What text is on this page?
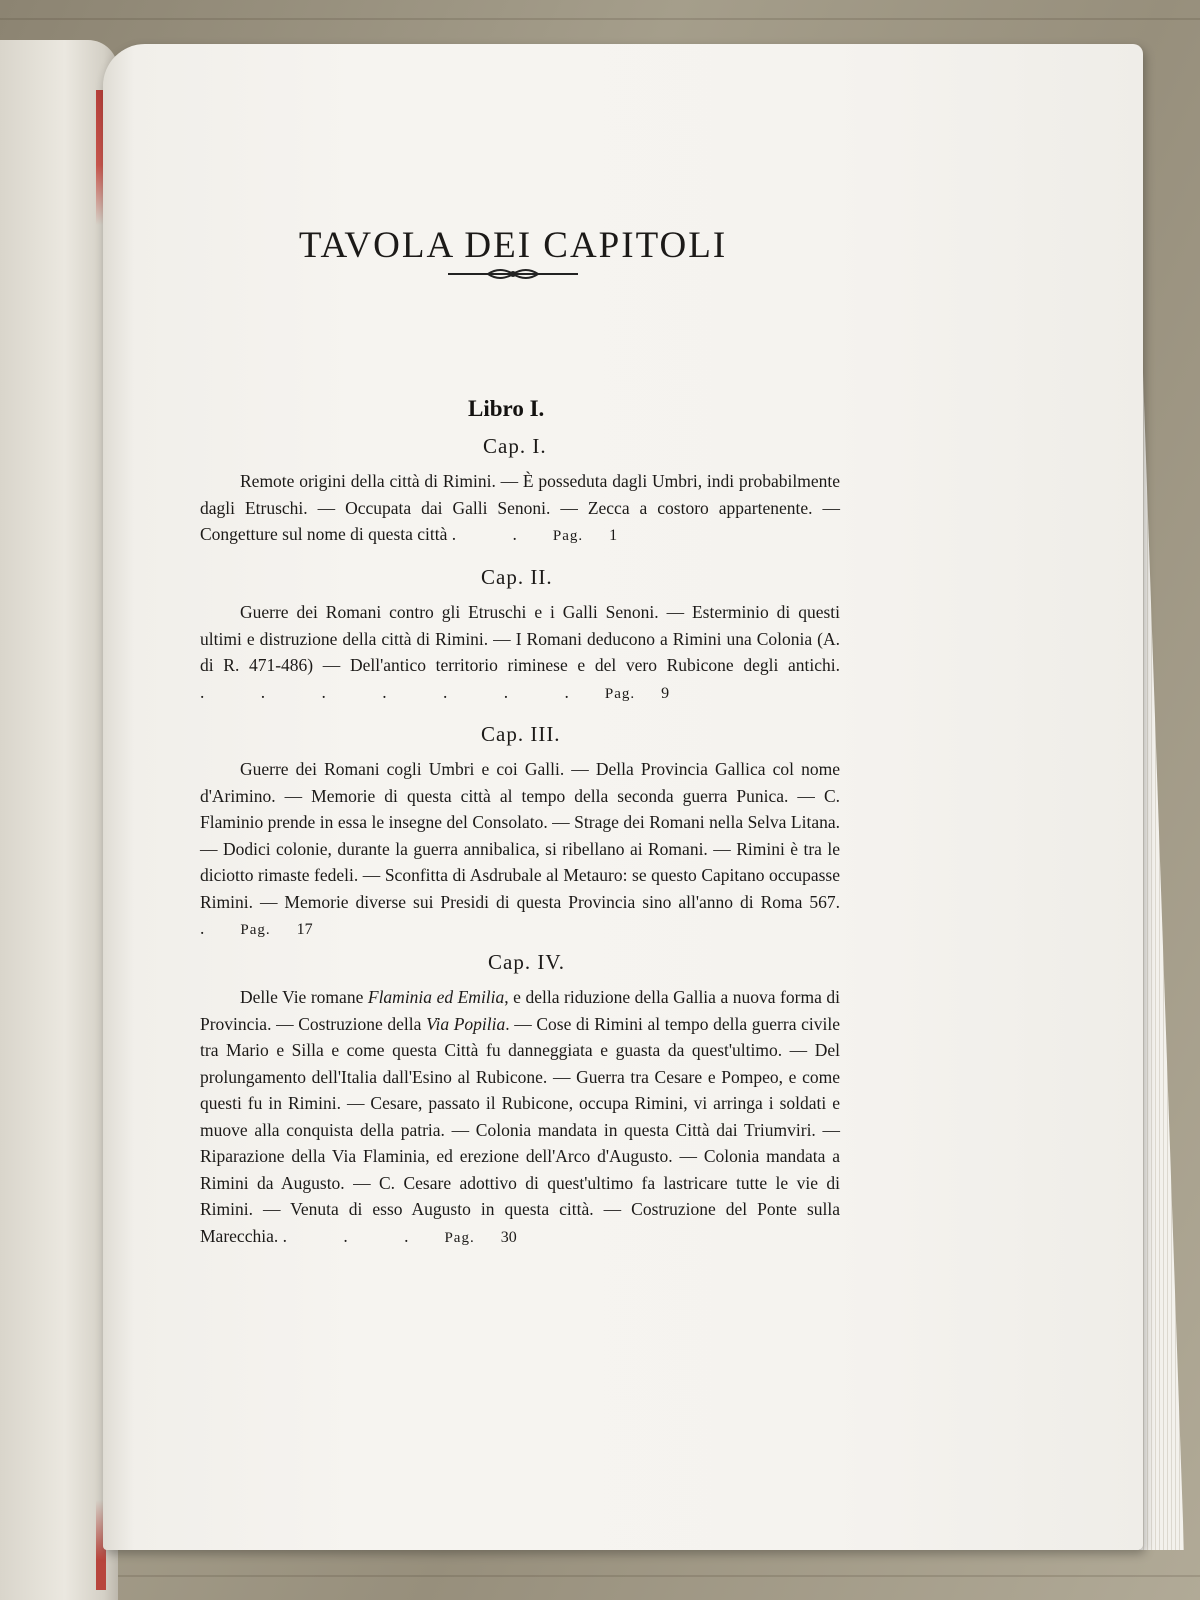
TAVOLA DEI CAPITOLI
Libro I.
Cap. I.

Remote origini della città di Rimini. — È posseduta dagli Umbri, indi probabilmente dagli Etruschi. — Occupata dai Galli Senoni. — Zecca a costoro appartenente. — Congetture sul nome di questa città . . Pag. 1

Cap. II.

Guerre dei Romani contro gli Etruschi e i Galli Senoni. — Esterminio di questi ultimi e distruzione della città di Rimini. — I Romani deducono a Rimini una Colonia (A. di R. 471-486) — Dell'antico territorio riminese e del vero Rubicone degli antichi. . . . . . . . Pag. 9

Cap. III.

Guerre dei Romani cogli Umbri e coi Galli. — Della Provincia Gallica col nome d'Arimino. — Memorie di questa città al tempo della seconda guerra Punica. — C. Flaminio prende in essa le insegne del Consolato. — Strage dei Romani nella Selva Litana. — Dodici colonie, durante la guerra annibalica, si ribellano ai Romani. — Rimini è tra le diciotto rimaste fedeli. — Sconfitta di Asdrubale al Metauro: se questo Capitano occupasse Rimini. — Memorie diverse sui Presidi di questa Provincia sino all'anno di Roma 567. . Pag. 17

Cap. IV.

Delle Vie romane Flaminia ed Emilia, e della riduzione della Gallia a nuova forma di Provincia. — Costruzione della Via Popilia. — Cose di Rimini al tempo della guerra civile tra Mario e Silla e come questa Città fu danneggiata e guasta da quest'ultimo. — Del prolungamento dell'Italia dall'Esino al Rubicone. — Guerra tra Cesare e Pompeo, e come questi fu in Rimini. — Cesare, passato il Rubicone, occupa Rimini, vi arringa i soldati e muove alla conquista della patria. — Colonia mandata in questa Città dai Triumviri. — Riparazione della Via Flaminia, ed erezione dell'Arco d'Augusto. — Colonia mandata a Rimini da Augusto. — C. Cesare adottivo di quest'ultimo fa lastricare tutte le vie di Rimini. — Venuta di esso Augusto in questa città. — Costruzione del Ponte sulla Marecchia. . . . Pag. 30
